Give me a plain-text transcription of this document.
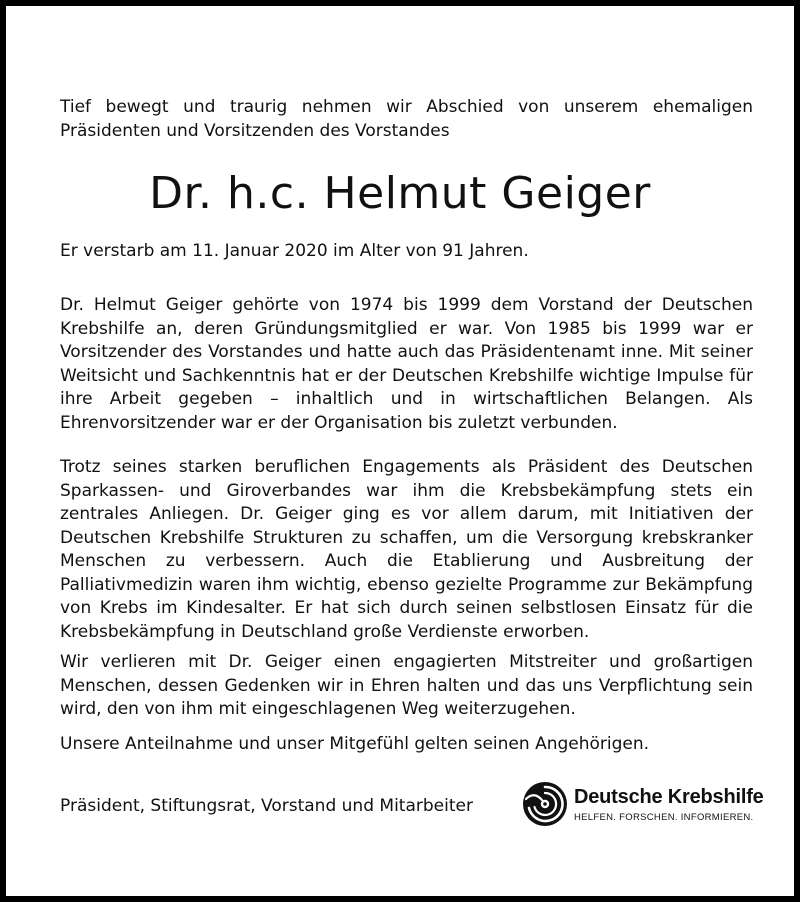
Tief bewegt und traurig nehmen wir Abschied von unserem ehemaligen Präsidenten und Vorsitzenden des Vorstandes
Dr. h.c. Helmut Geiger
Er verstarb am 11. Januar 2020 im Alter von 91 Jahren.
Dr. Helmut Geiger gehörte von 1974 bis 1999 dem Vorstand der Deutschen Krebshilfe an, deren Gründungsmitglied er war. Von 1985 bis 1999 war er Vorsitzender des Vorstandes und hatte auch das Präsidentenamt inne. Mit seiner Weitsicht und Sachkenntnis hat er der Deutschen Krebshilfe wichtige Impulse für ihre Arbeit gegeben – inhaltlich und in wirtschaftlichen Belangen. Als Ehrenvorsitzender war er der Organisation bis zuletzt verbunden.
Trotz seines starken beruflichen Engagements als Präsident des Deutschen Sparkassen- und Giroverbandes war ihm die Krebsbekämpfung stets ein zentrales Anliegen. Dr. Geiger ging es vor allem darum, mit Initiativen der Deutschen Krebshilfe Strukturen zu schaffen, um die Versorgung krebskranker Menschen zu verbessern. Auch die Etablierung und Ausbreitung der Palliativmedizin waren ihm wichtig, ebenso gezielte Programme zur Bekämpfung von Krebs im Kindesalter. Er hat sich durch seinen selbstlosen Einsatz für die Krebsbekämpfung in Deutschland große Verdienste erworben.
Wir verlieren mit Dr. Geiger einen engagierten Mitstreiter und großartigen Menschen, dessen Gedenken wir in Ehren halten und das uns Verpflichtung sein wird, den von ihm mit eingeschlagenen Weg weiterzugehen.
Unsere Anteilnahme und unser Mitgefühl gelten seinen Angehörigen.
Präsident, Stiftungsrat, Vorstand und Mitarbeiter	Deutsche Krebshilfe
HELFEN. FORSCHEN. INFORMIEREN.
